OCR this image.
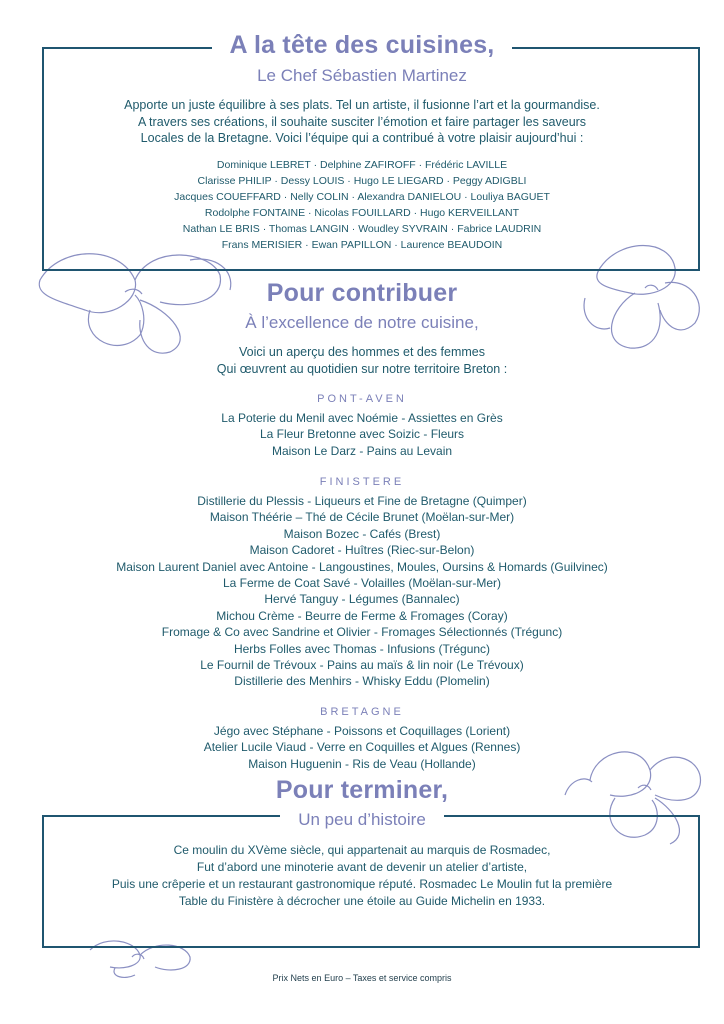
A la tête des cuisines,
Le Chef Sébastien Martinez
Apporte un juste équilibre à ses plats. Tel un artiste, il fusionne l’art et la gourmandise.
A travers ses créations, il souhaite susciter l’émotion et faire partager les saveurs
Locales de la Bretagne. Voici l’équipe qui a contribué à votre plaisir aujourd’hui :
Dominique LEBRET · Delphine ZAFIROFF · Frédéric LAVILLE
Clarisse PHILIP · Dessy LOUIS · Hugo LE LIEGARD · Peggy ADIGBLI
Jacques COUEFFARD · Nelly COLIN · Alexandra DANIELOU · Louliya BAGUET
Rodolphe FONTAINE · Nicolas FOUILLARD · Hugo KERVEILLANT
Nathan LE BRIS · Thomas LANGIN · Woudley SYVRAIN · Fabrice LAUDRIN
Frans MERISIER · Ewan PAPILLON · Laurence BEAUDOIN
Pour contribuer
À l’excellence de notre cuisine,
Voici un aperçu des hommes et des femmes
Qui œuvrent au quotidien sur notre territoire Breton :
PONT-AVEN
La Poterie du Menil avec Noémie - Assiettes en Grès
La Fleur Bretonne avec Soizic - Fleurs
Maison Le Darz - Pains au Levain
FINISTERE
Distillerie du Plessis - Liqueurs et Fine de Bretagne (Quimper)
Maison Théérie – Thé de Cécile Brunet (Moëlan-sur-Mer)
Maison Bozec - Cafés (Brest)
Maison Cadoret - Huîtres (Riec-sur-Belon)
Maison Laurent Daniel avec Antoine - Langoustines, Moules, Oursins & Homards (Guilvinec)
La Ferme de Coat Savé - Volailles (Moëlan-sur-Mer)
Hervé Tanguy - Légumes (Bannalec)
Michou Crème - Beurre de Ferme & Fromages (Coray)
Fromage & Co avec Sandrine et Olivier - Fromages Sélectionnés (Trégunc)
Herbs Folles avec Thomas - Infusions (Trégunc)
Le Fournil de Trévoux - Pains au maïs & lin noir (Le Trévoux)
Distillerie des Menhirs - Whisky Eddu (Plomelin)
BRETAGNE
Jégo avec Stéphane - Poissons et Coquillages (Lorient)
Atelier Lucile Viaud - Verre en Coquilles et Algues (Rennes)
Maison Huguenin - Ris de Veau (Hollande)
Pour terminer,
Un peu d’histoire
Ce moulin du XVème siècle, qui appartenait au marquis de Rosmadec,
Fut d’abord une minoterie avant de devenir un atelier d’artiste,
Puis une crêperie et un restaurant gastronomique réputé. Rosmadec Le Moulin fut la première
Table du Finistère à décrocher une étoile au Guide Michelin en 1933.
Prix Nets en Euro – Taxes et service compris
